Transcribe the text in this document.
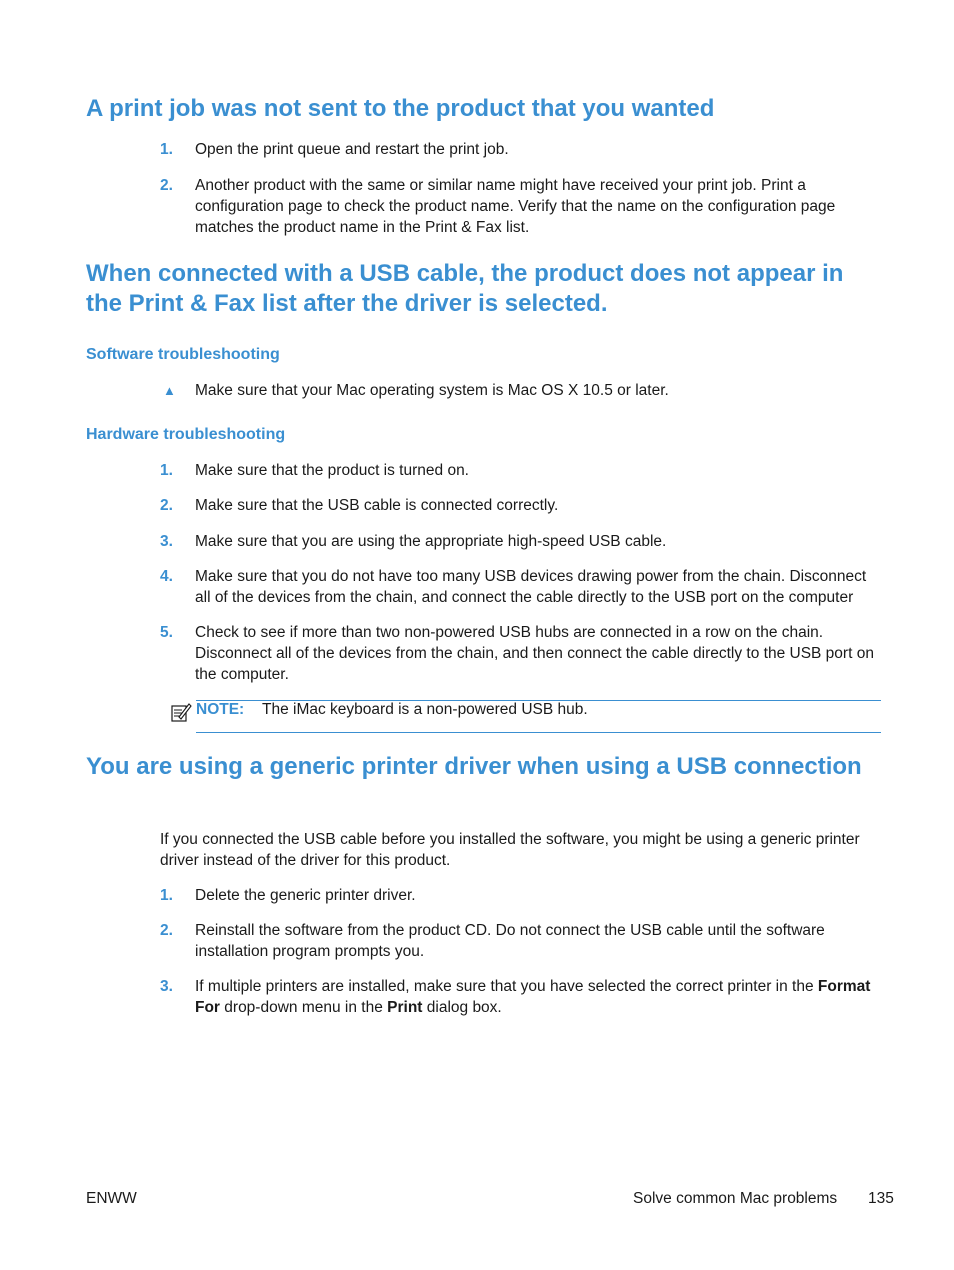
A print job was not sent to the product that you wanted
1.	Open the print queue and restart the print job.
2.	Another product with the same or similar name might have received your print job. Print a configuration page to check the product name. Verify that the name on the configuration page matches the product name in the Print & Fax list.
When connected with a USB cable, the product does not appear in the Print & Fax list after the driver is selected.
Software troubleshooting
▲	Make sure that your Mac operating system is Mac OS X 10.5 or later.
Hardware troubleshooting
1.	Make sure that the product is turned on.
2.	Make sure that the USB cable is connected correctly.
3.	Make sure that you are using the appropriate high-speed USB cable.
4.	Make sure that you do not have too many USB devices drawing power from the chain. Disconnect all of the devices from the chain, and connect the cable directly to the USB port on the computer
5.	Check to see if more than two non-powered USB hubs are connected in a row on the chain. Disconnect all of the devices from the chain, and then connect the cable directly to the USB port on the computer.
NOTE: The iMac keyboard is a non-powered USB hub.
You are using a generic printer driver when using a USB connection
If you connected the USB cable before you installed the software, you might be using a generic printer driver instead of the driver for this product.
1.	Delete the generic printer driver.
2.	Reinstall the software from the product CD. Do not connect the USB cable until the software installation program prompts you.
3.	If multiple printers are installed, make sure that you have selected the correct printer in the Format For drop-down menu in the Print dialog box.
ENWW	Solve common Mac problems 135
